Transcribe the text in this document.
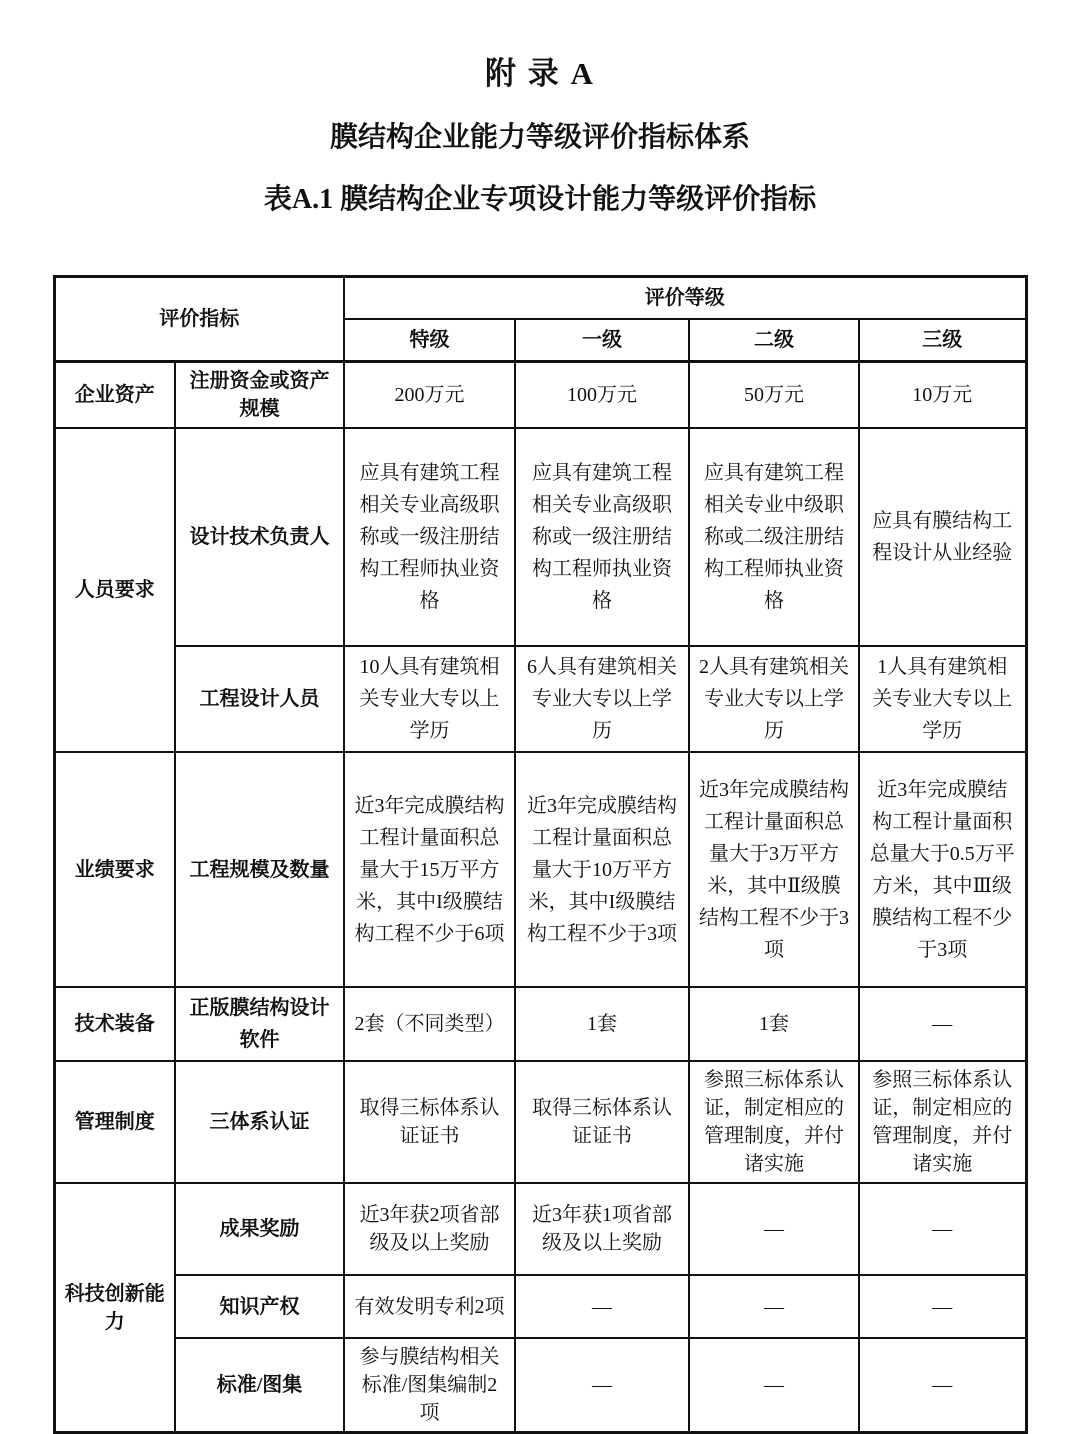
附 录 A
膜结构企业能力等级评价指标体系
表A.1 膜结构企业专项设计能力等级评价指标
评价指标		评价等级			
		特级	一级	二级	三级
企业资产	注册资金或资产规模	200万元	100万元	50万元	10万元
人员要求	设计技术负责人	应具有建筑工程相关专业高级职称或一级注册结构工程师执业资格	应具有建筑工程相关专业高级职称或一级注册结构工程师执业资格	应具有建筑工程相关专业中级职称或二级注册结构工程师执业资格	应具有膜结构工程设计从业经验
	工程设计人员	10人具有建筑相关专业大专以上学历	6人具有建筑相关专业大专以上学历	2人具有建筑相关专业大专以上学历	1人具有建筑相关专业大专以上学历
业绩要求	工程规模及数量	近3年完成膜结构工程计量面积总量大于15万平方米，其中I级膜结构工程不少于6项	近3年完成膜结构工程计量面积总量大于10万平方米，其中I级膜结构工程不少于3项	近3年完成膜结构工程计量面积总量大于3万平方米，其中Ⅱ级膜结构工程不少于3项	近3年完成膜结构工程计量面积总量大于0.5万平方米，其中Ⅲ级膜结构工程不少于3项
技术装备	正版膜结构设计软件	2套（不同类型）	1套	1套	—
管理制度	三体系认证	取得三标体系认证证书	取得三标体系认证证书	参照三标体系认证，制定相应的管理制度，并付诸实施	参照三标体系认证，制定相应的管理制度，并付诸实施
科技创新能力	成果奖励	近3年获2项省部级及以上奖励	近3年获1项省部级及以上奖励	—	—
	知识产权	有效发明专利2项	—	—	—
	标准/图集	参与膜结构相关标准/图集编制2项	—	—	—
